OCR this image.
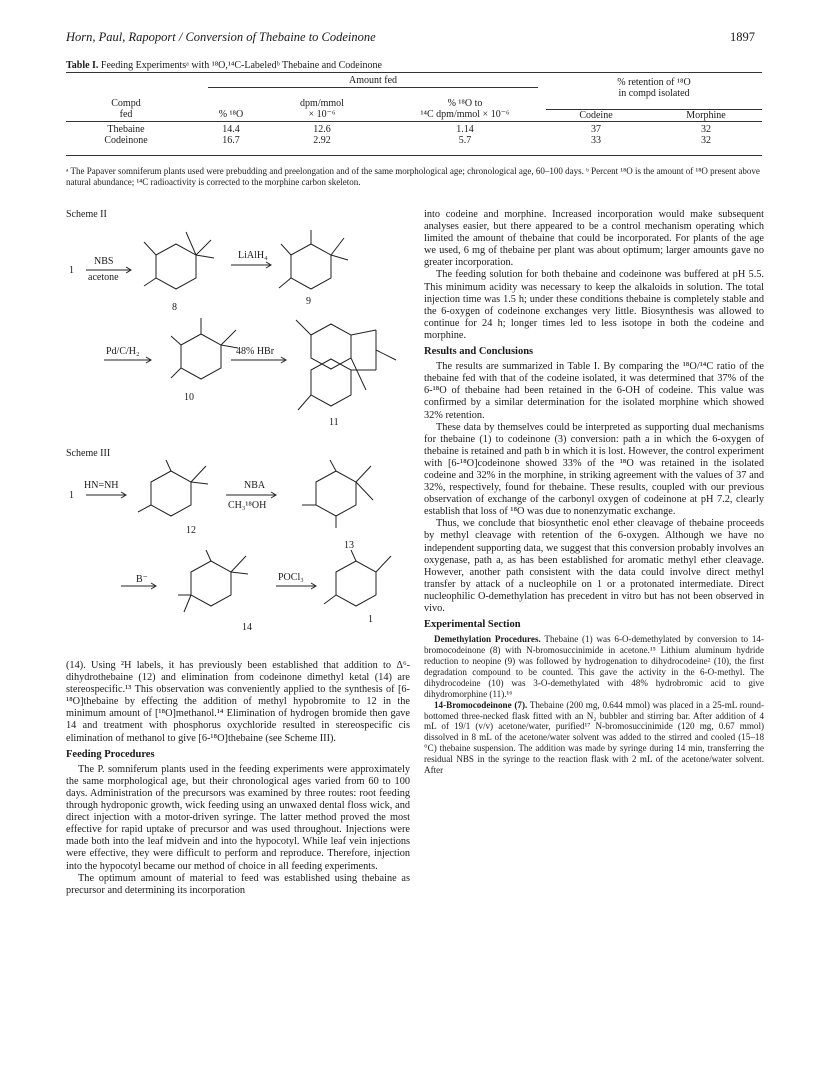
Horn, Paul, Rapoport / Conversion of Thebaine to Codeinone	1897
Table I. Feeding Experimentsᵃ with ¹⁸O,¹⁴C-Labeledᵇ Thebaine and Codeinone
Amount fed	% retention of ¹⁸O
in compd isolated
Compd
fed	% ¹⁸O
dpm/mmol
× 10⁻⁶
% ¹⁸O to
¹⁴C dpm/mmol × 10⁻⁶	Codeine	Morphine
Thebaine	14.4	12.6	1.14	37	32
Codeinone	16.7	2.92	5.7	33	32
ᵃ The Papaver somniferum plants used were prebudding and preelongation and of the same morphological age; chronological age, 60–100 days. ᵇ Percent ¹⁸O is the amount of ¹⁸O present above natural abundance; ¹⁴C radioactivity is corrected to the morphine carbon skeleton.
Scheme II
Scheme III
1
NBS
acetone
8
LiAlH₄
9
Pd/C/H₂	48% HBr
10
11
1
HN=NH
12
NBA
CH₃¹⁸OH
13
B⁻	POCl₃
14
1

(14). Using ²H labels, it has previously been established that addition to Δ⁶-dihydrothebaine (12) and elimination from codeinone dimethyl ketal (14) are stereospecific.¹³ This observation was conveniently applied to the synthesis of [6-¹⁸O]thebaine by effecting the addition of methyl hypobromite to 12 in the minimum amount of [¹⁸O]methanol.¹⁴ Elimination of hydrogen bromide then gave 14 and treatment with phosphorus oxychloride resulted in stereospecific cis elimination of methanol to give [6-¹⁸O]thebaine (see Scheme III).

Feeding Procedures

The P. somniferum plants used in the feeding experiments were approximately the same morphological age, but their chronological ages varied from 60 to 100 days. Administration of the precursors was examined by three routes: root feeding through hydroponic growth, wick feeding using an unwaxed dental floss wick, and direct injection with a motor-driven syringe. The latter method proved the most effective for rapid uptake of precursor and was used throughout. Injections were made both into the leaf midvein and into the hypocotyl. While leaf vein injections were effective, they were difficult to perform and reproduce. Therefore, injection into the hypocotyl became our method of choice in all feeding experiments.

The optimum amount of material to feed was established using thebaine as precursor and determining its incorporation

into codeine and morphine. Increased incorporation would make subsequent analyses easier, but there appeared to be a control mechanism operating which limited the amount of thebaine that could be incorporated. For plants of the age we used, 6 mg of thebaine per plant was about optimum; larger amounts gave no greater incorporation.

The feeding solution for both thebaine and codeinone was buffered at pH 5.5. This minimum acidity was necessary to keep the alkaloids in solution. The total injection time was 1.5 h; under these conditions thebaine is completely stable and the 6-oxygen of codeinone exchanges very little. Biosynthesis was allowed to continue for 24 h; longer times led to less isotope in both the codeine and morphine.

Results and Conclusions

The results are summarized in Table I. By comparing the ¹⁸O/¹⁴C ratio of the thebaine fed with that of the codeine isolated, it was determined that 37% of the 6-¹⁸O of thebaine had been retained in the 6-OH of codeine. This value was confirmed by a similar determination for the isolated morphine which showed 32% retention.

These data by themselves could be interpreted as supporting dual mechanisms for thebaine (1) to codeinone (3) conversion: path a in which the 6-oxygen of thebaine is retained and path b in which it is lost. However, the control experiment with [6-¹⁸O]codeinone showed 33% of the ¹⁸O was retained in the isolated codeine and 32% in the morphine, in striking agreement with the values of 37 and 32%, respectively, found for thebaine. These results, coupled with our previous observation of exchange of the carbonyl oxygen of codeinone at pH 7.2, clearly establish that loss of ¹⁸O was due to nonenzymatic exchange.

Thus, we conclude that biosynthetic enol ether cleavage of thebaine proceeds by methyl cleavage with retention of the 6-oxygen. Although we have no independent supporting data, we suggest that this conversion probably involves an oxygenase, path a, as has been established for aromatic methyl ether cleavage. However, another path consistent with the data could involve direct methyl transfer by attack of a nucleophile on 1 or a protonated intermediate. Direct nucleophilic O-demethylation has precedent in vitro but has not been observed in vivo.

Experimental Section

Demethylation Procedures. Thebaine (1) was 6-O-demethylated by conversion to 14-bromocodeinone (8) with N-bromosuccinimide in acetone.¹⁵ Lithium aluminum hydride reduction to neopine (9) was followed by hydrogenation to dihydrocodeine² (10), the first degradation compound to be counted. This gave the activity in the 6-O-methyl. The dihydrocodeine (10) was 3-O-demethylated with 48% hydrobromic acid to give dihydromorphine (11).¹⁶

14-Bromocodeinone (7). Thebaine (200 mg, 0.644 mmol) was placed in a 25-mL round-bottomed three-necked flask fitted with an N₂ bubbler and stirring bar. After addition of 4 mL of 19/1 (v/v) acetone/water, purified¹⁷ N-bromosuccinimide (120 mg, 0.67 mmol) dissolved in 8 mL of the acetone/water solvent was added to the stirred and cooled (15–18 °C) thebaine suspension. The addition was made by syringe during 14 min, transferring the residual NBS in the syringe to the reaction flask with 2 mL of the acetone/water solvent. After
